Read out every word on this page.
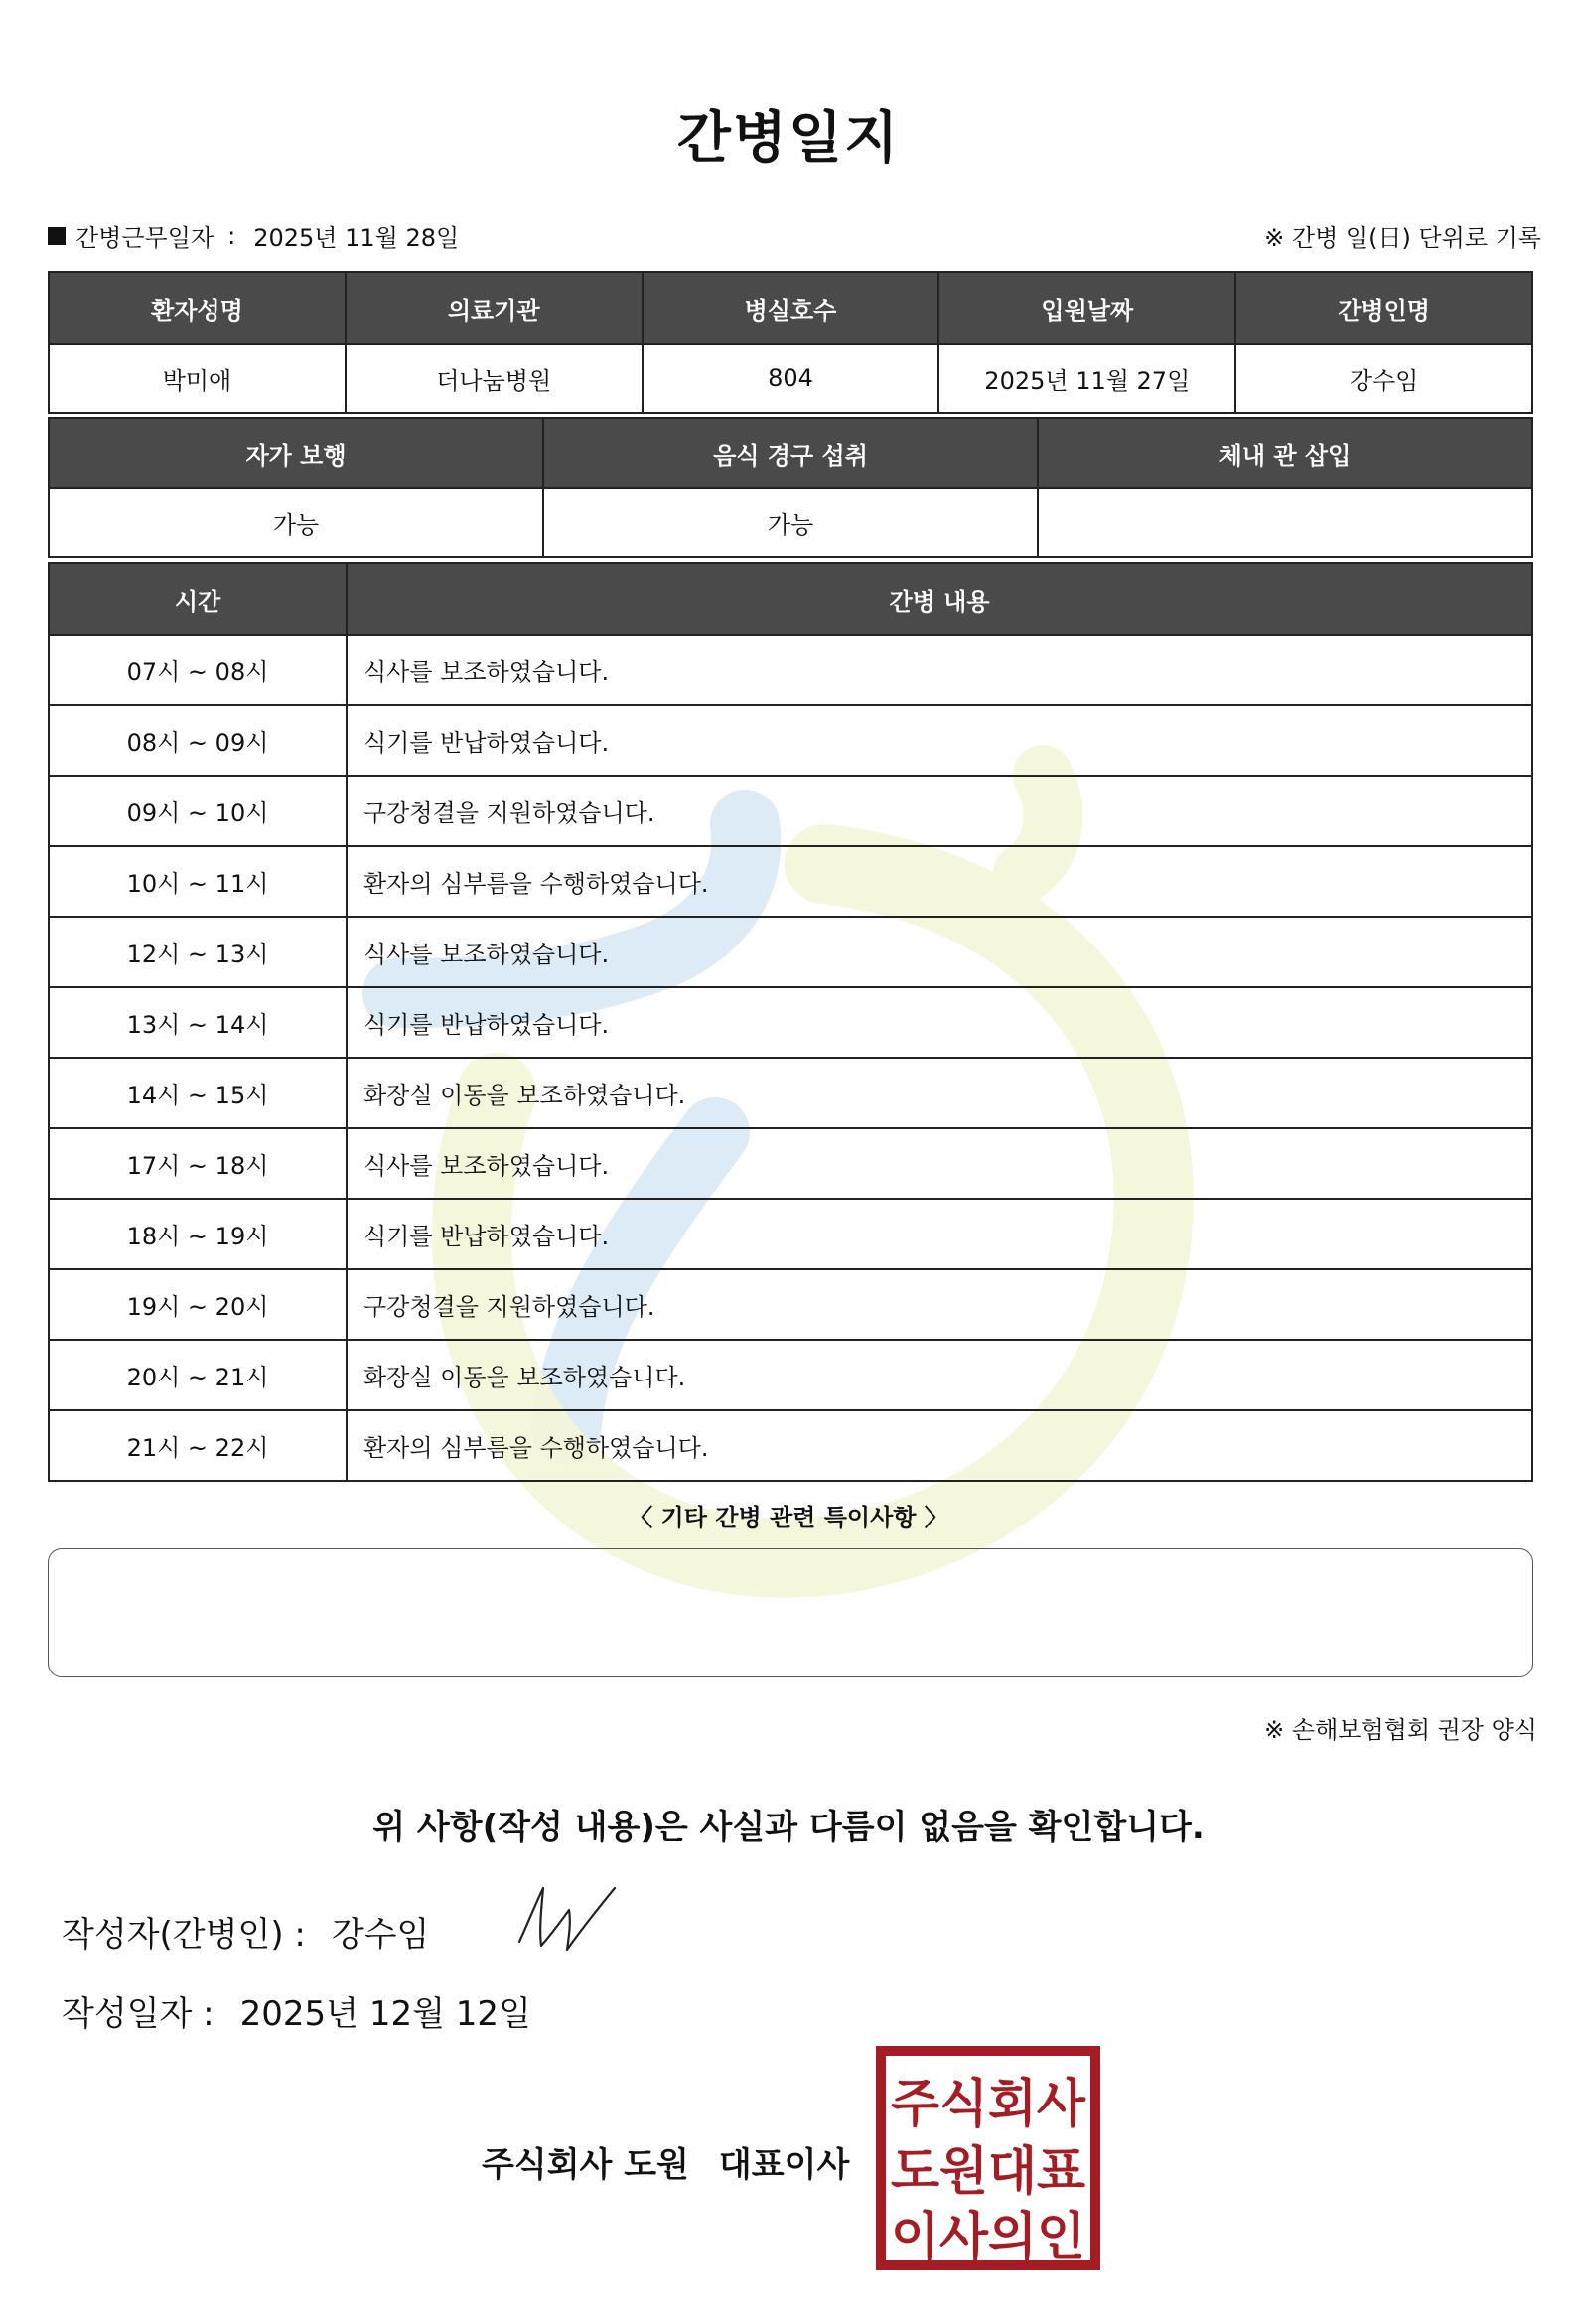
간병일지
간병근무일자 : 2025년 11월 28일	※ 간병 일(日) 단위로 기록
환자성명	의료기관	병실호수	입원날짜	간병인명
박미애	더나눔병원	804	2025년 11월 27일	강수임
자가 보행	음식 경구 섭취	체내 관 삽입
가능	가능	
시간	간병 내용
07시 ~ 08시	식사를 보조하였습니다.
08시 ~ 09시	식기를 반납하였습니다.
09시 ~ 10시	구강청결을 지원하였습니다.
10시 ~ 11시	환자의 심부름을 수행하였습니다.
12시 ~ 13시	식사를 보조하였습니다.
13시 ~ 14시	식기를 반납하였습니다.
14시 ~ 15시	화장실 이동을 보조하였습니다.
17시 ~ 18시	식사를 보조하였습니다.
18시 ~ 19시	식기를 반납하였습니다.
19시 ~ 20시	구강청결을 지원하였습니다.
20시 ~ 21시	화장실 이동을 보조하였습니다.
21시 ~ 22시	환자의 심부름을 수행하였습니다.
〈 기타 간병 관련 특이사항 〉
※ 손해보험협회 권장 양식
위 사항(작성 내용)은 사실과 다름이 없음을 확인합니다.
작성자(간병인) : 강수임
작성일자 : 2025년 12월 12일
주식회사 도원 대표이사
주식회사
도원대표
이사의인
